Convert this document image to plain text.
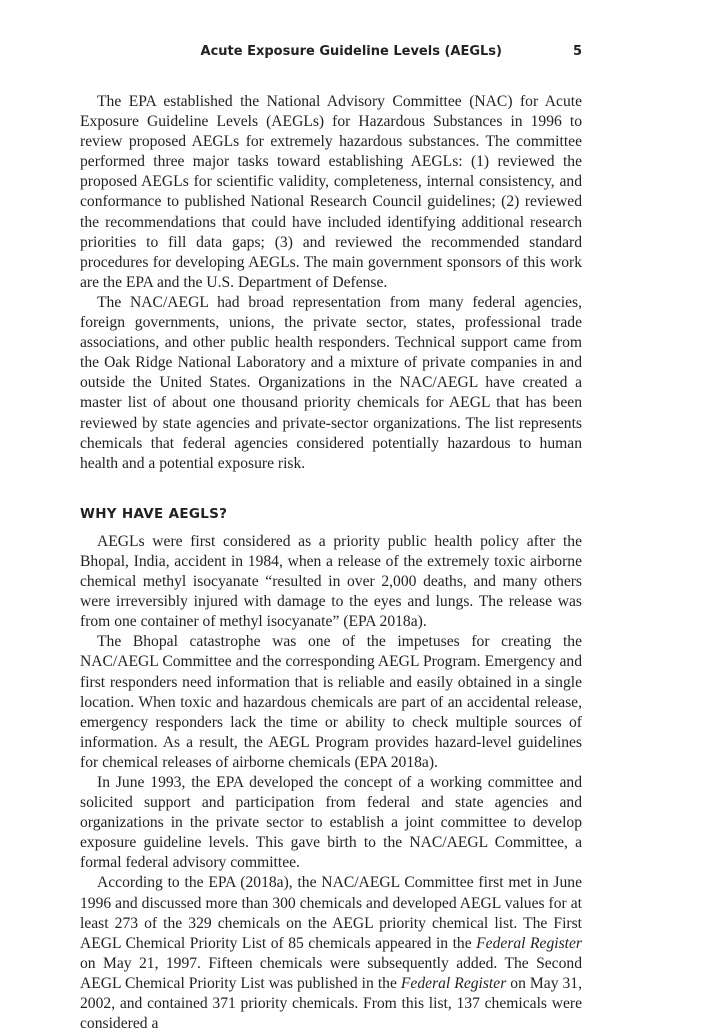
Acute Exposure Guideline Levels (AEGLs)	5

The EPA established the National Advisory Committee (NAC) for Acute Exposure Guideline Levels (AEGLs) for Hazardous Substances in 1996 to review proposed AEGLs for extremely hazardous substances. The committee performed three major tasks toward establishing AEGLs: (1) reviewed the proposed AEGLs for scientific validity, completeness, internal consistency, and conformance to published National Research Council guidelines; (2) reviewed the recommendations that could have included identifying additional research priorities to fill data gaps; (3) and reviewed the recommended standard procedures for developing AEGLs. The main government sponsors of this work are the EPA and the U.S. Department of Defense.

The NAC/AEGL had broad representation from many federal agencies, foreign governments, unions, the private sector, states, professional trade associations, and other public health responders. Technical support came from the Oak Ridge National Laboratory and a mixture of private companies in and outside the United States. Organizations in the NAC/AEGL have created a master list of about one thousand priority chemicals for AEGL that has been reviewed by state agencies and private-sector organizations. The list represents chemicals that federal agencies considered potentially hazardous to human health and a potential exposure risk.

WHY HAVE AEGLS?

AEGLs were first considered as a priority public health policy after the Bhopal, India, accident in 1984, when a release of the extremely toxic airborne chemical methyl isocyanate “resulted in over 2,000 deaths, and many others were irreversibly injured with damage to the eyes and lungs. The release was from one container of methyl isocyanate” (EPA 2018a).

The Bhopal catastrophe was one of the impetuses for creating the NAC/AEGL Committee and the corresponding AEGL Program. Emergency and first responders need information that is reliable and easily obtained in a single location. When toxic and hazardous chemicals are part of an accidental release, emergency responders lack the time or ability to check multiple sources of information. As a result, the AEGL Program provides hazard-level guidelines for chemical releases of airborne chemicals (EPA 2018a).

In June 1993, the EPA developed the concept of a working committee and solicited support and participation from federal and state agencies and organizations in the private sector to establish a joint committee to develop exposure guideline levels. This gave birth to the NAC/AEGL Committee, a formal federal advisory committee.

According to the EPA (2018a), the NAC/AEGL Committee first met in June 1996 and discussed more than 300 chemicals and developed AEGL values for at least 273 of the 329 chemicals on the AEGL priority chemical list. The First AEGL Chemical Priority List of 85 chemicals appeared in the Federal Register on May 21, 1997. Fifteen chemicals were subsequently added. The Second AEGL Chemical Priority List was published in the Federal Register on May 31, 2002, and contained 371 priority chemicals. From this list, 137 chemicals were considered a
